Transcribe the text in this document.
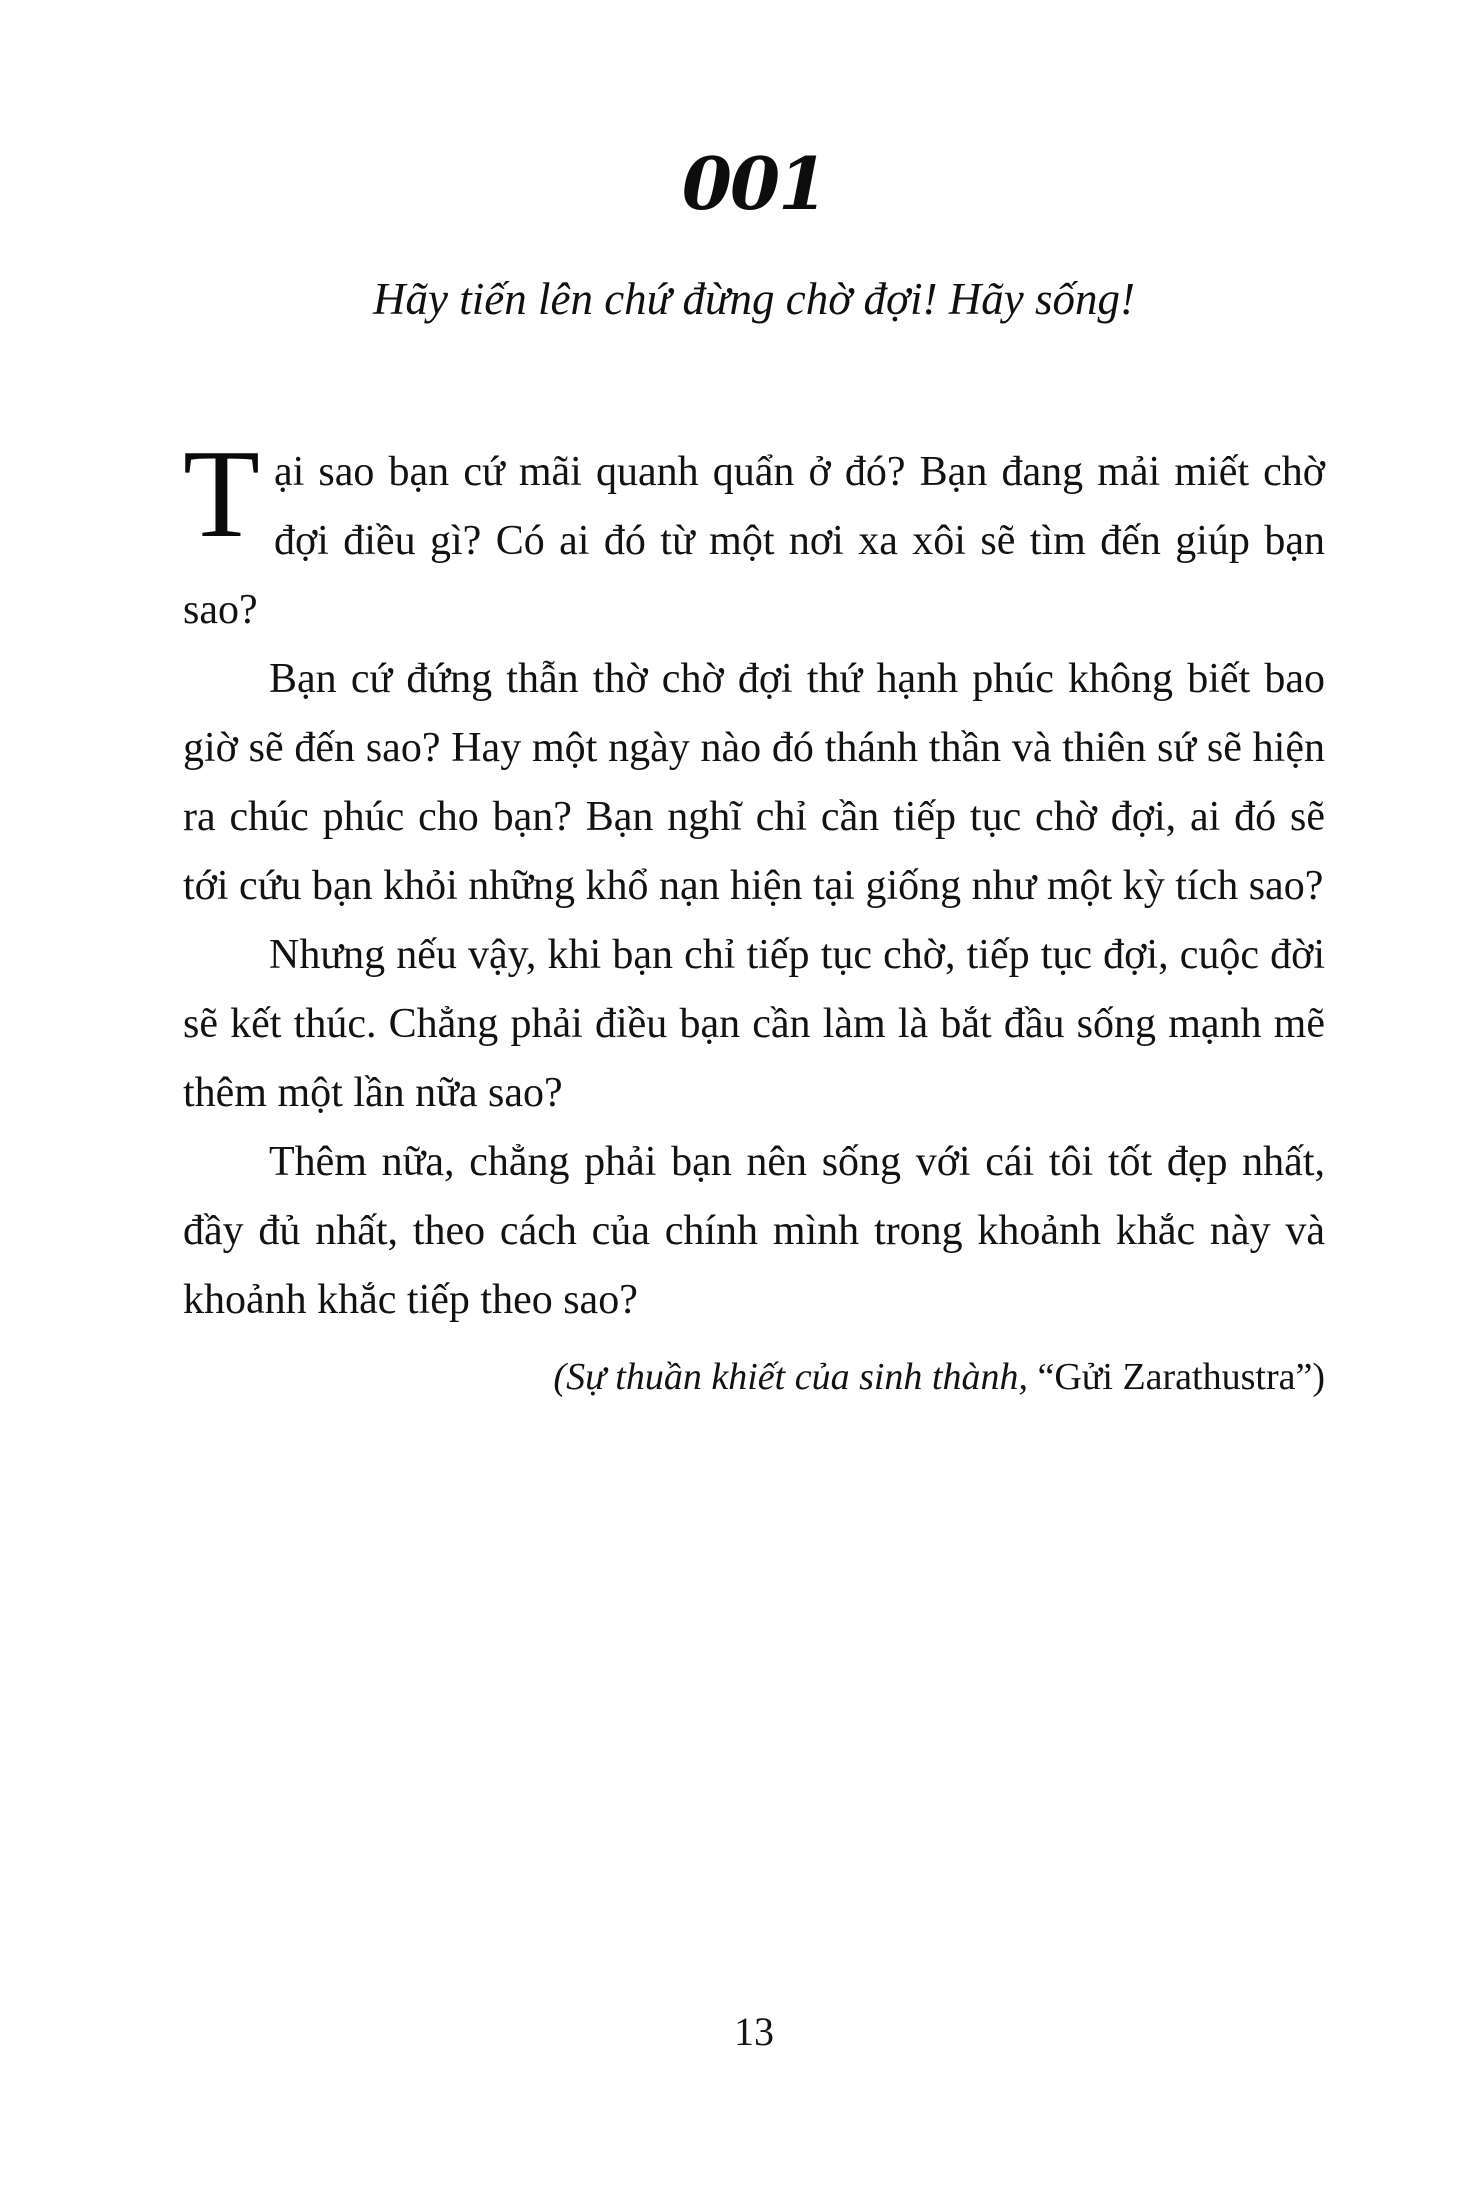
001
Hãy tiến lên chứ đừng chờ đợi! Hãy sống!

Tại sao bạn cứ mãi quanh quẩn ở đó? Bạn đang mải miết chờ đợi điều gì? Có ai đó từ một nơi xa xôi sẽ tìm đến giúp bạn sao?

Bạn cứ đứng thẫn thờ chờ đợi thứ hạnh phúc không biết bao giờ sẽ đến sao? Hay một ngày nào đó thánh thần và thiên sứ sẽ hiện ra chúc phúc cho bạn? Bạn nghĩ chỉ cần tiếp tục chờ đợi, ai đó sẽ tới cứu bạn khỏi những khổ nạn hiện tại giống như một kỳ tích sao?

Nhưng nếu vậy, khi bạn chỉ tiếp tục chờ, tiếp tục đợi, cuộc đời sẽ kết thúc. Chẳng phải điều bạn cần làm là bắt đầu sống mạnh mẽ thêm một lần nữa sao?

Thêm nữa, chẳng phải bạn nên sống với cái tôi tốt đẹp nhất, đầy đủ nhất, theo cách của chính mình trong khoảnh khắc này và khoảnh khắc tiếp theo sao?

(Sự thuần khiết của sinh thành, “Gửi Zarathustra”)

13
